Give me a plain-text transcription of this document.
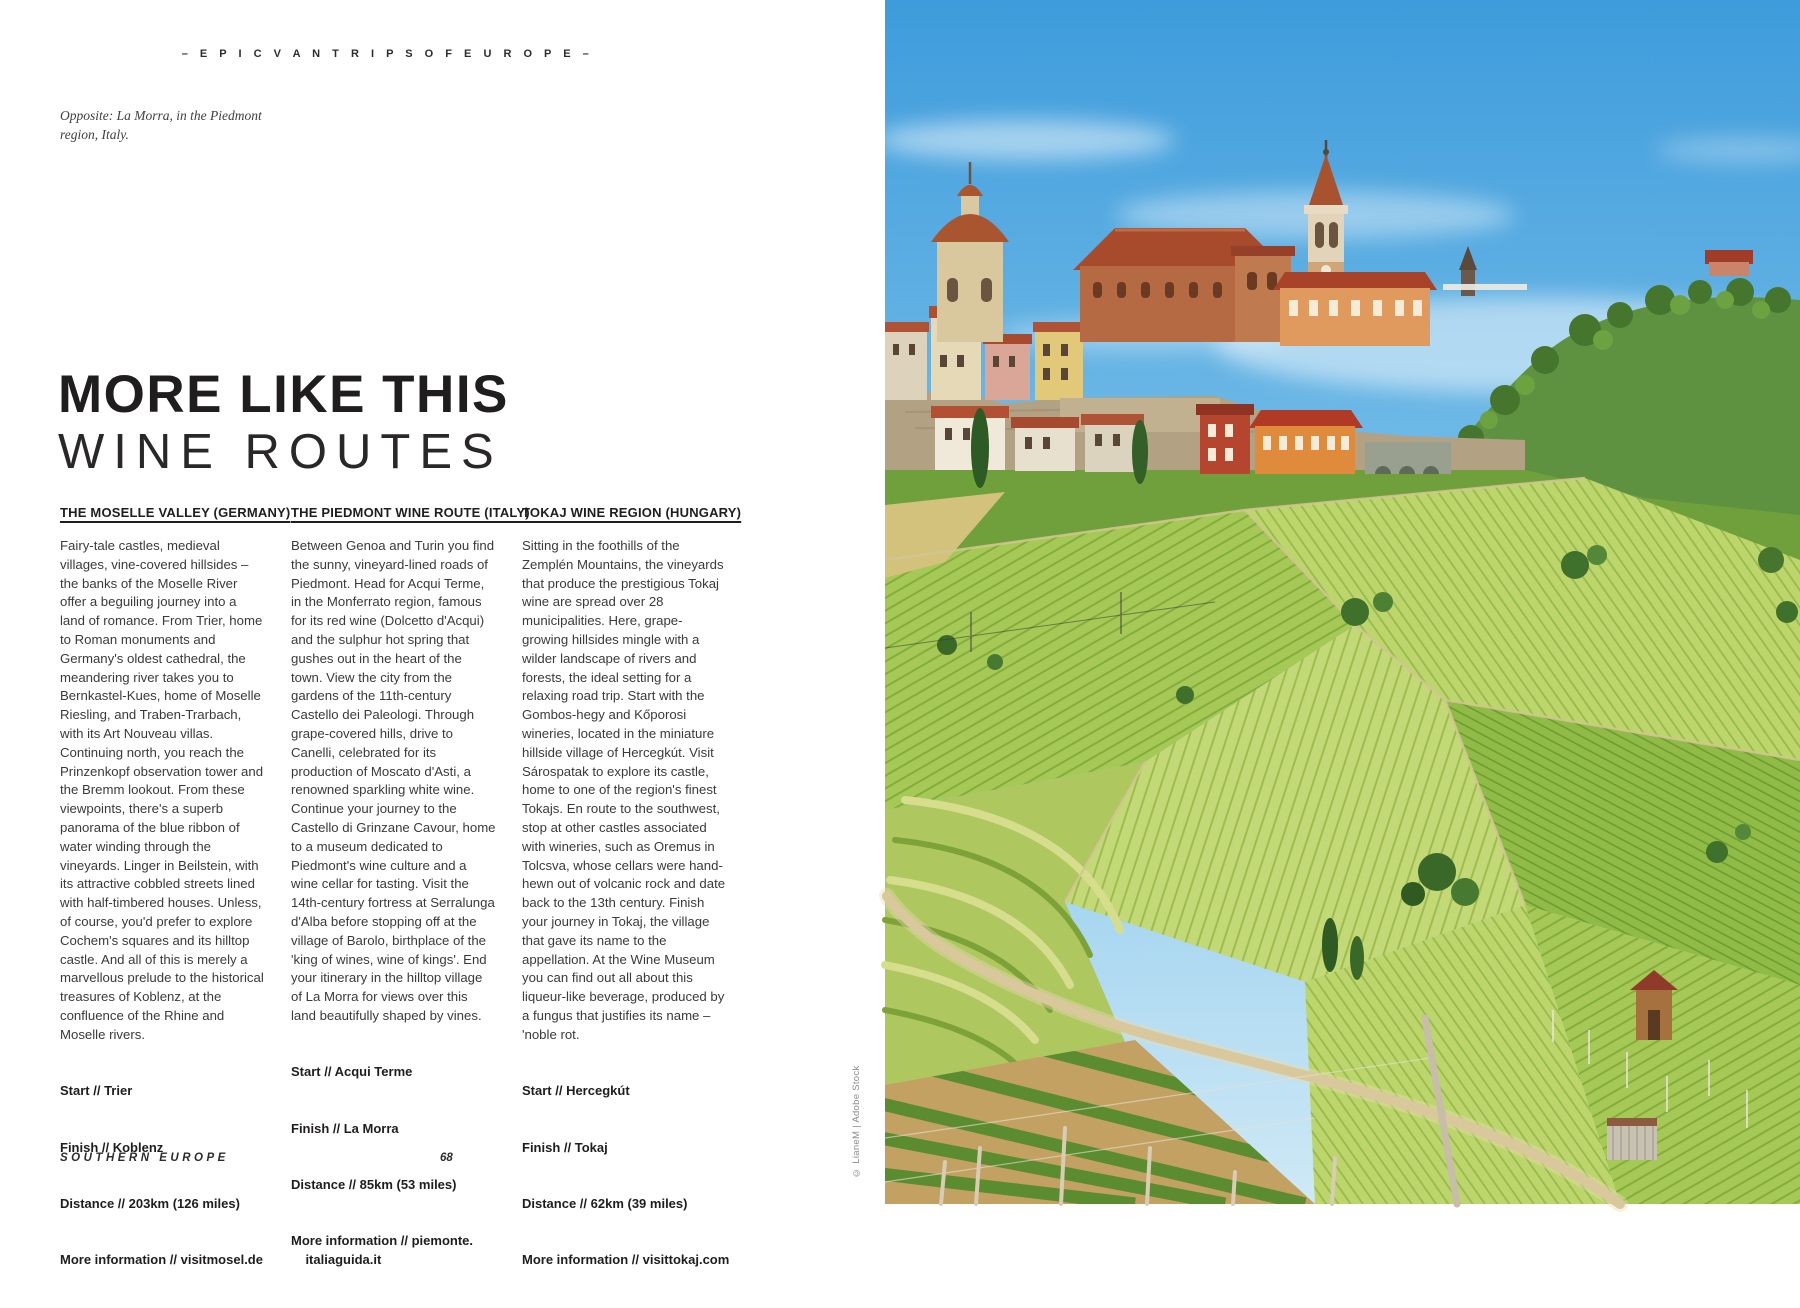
– E P I C V A N T R I P S O F E U R O P E –
Opposite: La Morra, in the Piedmont
region, Italy.
MORE LIKE THIS
WINE ROUTES
THE MOSELLE VALLEY (GERMANY)

Fairy-tale castles, medieval villages, vine-covered hillsides – the banks of the Moselle River offer a beguiling journey into a land of romance. From Trier, home to Roman monuments and Germany's oldest cathedral, the meandering river takes you to Bernkastel-Kues, home of Moselle Riesling, and Traben-Trarbach, with its Art Nouveau villas. Continuing north, you reach the Prinzenkopf observation tower and the Bremm lookout. From these viewpoints, there's a superb panorama of the blue ribbon of water winding through the vineyards. Linger in Beilstein, with its attractive cobbled streets lined with half-timbered houses. Unless, of course, you'd prefer to explore Cochem's squares and its hilltop castle. And all of this is merely a marvellous prelude to the historical treasures of Koblenz, at the confluence of the Rhine and Moselle rivers.

Start // Trier

Finish // Koblenz

Distance // 203km (126 miles)

More information // visitmosel.de

THE PIEDMONT WINE ROUTE (ITALY)

Between Genoa and Turin you find the sunny, vineyard-lined roads of Piedmont. Head for Acqui Terme, in the Monferrato region, famous for its red wine (Dolcetto d'Acqui) and the sulphur hot spring that gushes out in the heart of the town. View the city from the gardens of the 11th-century Castello dei Paleologi. Through grape-covered hills, drive to Canelli, celebrated for its production of Moscato d'Asti, a renowned sparkling white wine. Continue your journey to the Castello di Grinzane Cavour, home to a museum dedicated to Piedmont's wine culture and a wine cellar for tasting. Visit the 14th-century fortress at Serralunga d'Alba before stopping off at the village of Barolo, birthplace of the 'king of wines, wine of kings'. End your itinerary in the hilltop village of La Morra for views over this land beautifully shaped by vines.

Start // Acqui Terme

Finish // La Morra

Distance // 85km (53 miles)

More information // piemonte.
italiaguida.it

TOKAJ WINE REGION (HUNGARY)

Sitting in the foothills of the Zemplén Mountains, the vineyards that produce the prestigious Tokaj wine are spread over 28 municipalities. Here, grape-growing hillsides mingle with a wilder landscape of rivers and forests, the ideal setting for a relaxing road trip. Start with the Gombos-hegy and Kőporosi wineries, located in the miniature hillside village of Hercegkút. Visit Sárospatak to explore its castle, home to one of the region's finest Tokajs. En route to the southwest, stop at other castles associated with wineries, such as Oremus in Tolcsva, whose cellars were hand-hewn out of volcanic rock and date back to the 13th century. Finish your journey in Tokaj, the village that gave its name to the appellation. At the Wine Museum you can find out all about this liqueur-like beverage, produced by a fungus that justifies its name – 'noble rot.

Start // Hercegkút

Finish // Tokaj

Distance // 62km (39 miles)

More information // visittokaj.com

SOUTHERN EUROPE	68	© LianeM | Adobe Stock
